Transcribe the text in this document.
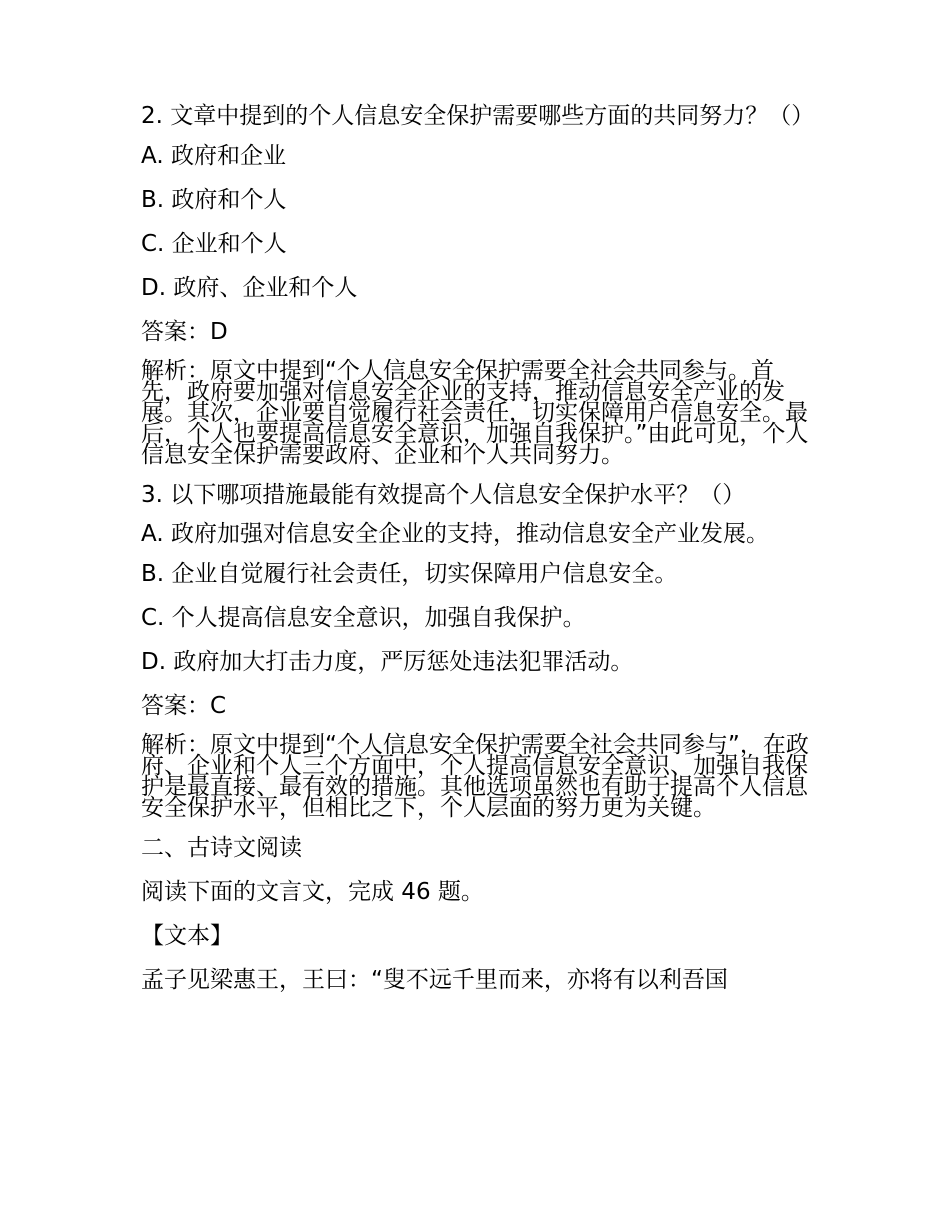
2. 文章中提到的个人信息安全保护需要哪些方面的共同努力？（）

A. 政府和企业

B. 政府和个人

C. 企业和个人

D. 政府、企业和个人

答案：D

解析：原文中提到“个人信息安全保护需要全社会共同参与。首先，政府要加强对信息安全企业的支持，推动信息安全产业的发展。其次，企业要自觉履行社会责任，切实保障用户信息安全。最后，个人也要提高信息安全意识，加强自我保护。”由此可见，个人信息安全保护需要政府、企业和个人共同努力。

3. 以下哪项措施最能有效提高个人信息安全保护水平？（）

A. 政府加强对信息安全企业的支持，推动信息安全产业发展。

B. 企业自觉履行社会责任，切实保障用户信息安全。

C. 个人提高信息安全意识，加强自我保护。

D. 政府加大打击力度，严厉惩处违法犯罪活动。

答案：C

解析：原文中提到“个人信息安全保护需要全社会共同参与”，在政府、企业和个人三个方面中，个人提高信息安全意识、加强自我保护是最直接、最有效的措施。其他选项虽然也有助于提高个人信息安全保护水平，但相比之下，个人层面的努力更为关键。

二、古诗文阅读

阅读下面的文言文，完成 46 题。

【文本】

孟子见梁惠王，王曰：“叟不远千里而来，亦将有以利吾国
